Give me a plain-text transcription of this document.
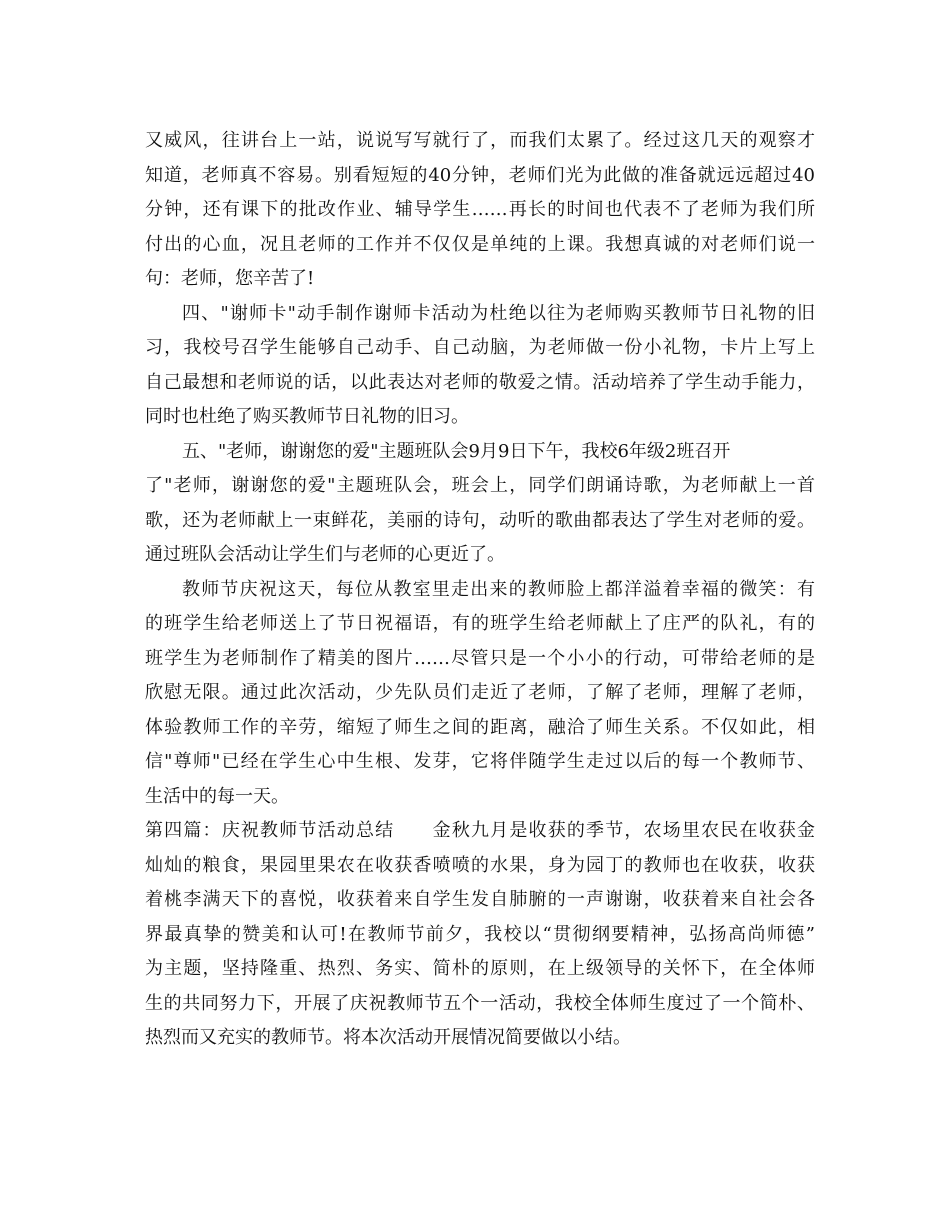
又威风，往讲台上一站，说说写写就行了，而我们太累了。经过这几天的观察才
知道，老师真不容易。别看短短的40分钟，老师们光为此做的准备就远远超过40
分钟，还有课下的批改作业、辅导学生……再长的时间也代表不了老师为我们所
付出的心血，况且老师的工作并不仅仅是单纯的上课。我想真诚的对老师们说一
句：老师，您辛苦了!
四、"谢师卡"动手制作谢师卡活动为杜绝以往为老师购买教师节日礼物的旧
习，我校号召学生能够自己动手、自己动脑，为老师做一份小礼物，卡片上写上
自己最想和老师说的话，以此表达对老师的敬爱之情。活动培养了学生动手能力，
同时也杜绝了购买教师节日礼物的旧习。
五、"老师，谢谢您的爱"主题班队会9月9日下午，我校6年级2班召开
了"老师，谢谢您的爱"主题班队会，班会上，同学们朗诵诗歌，为老师献上一首
歌，还为老师献上一束鲜花，美丽的诗句，动听的歌曲都表达了学生对老师的爱。
通过班队会活动让学生们与老师的心更近了。
教师节庆祝这天，每位从教室里走出来的教师脸上都洋溢着幸福的微笑：有
的班学生给老师送上了节日祝福语，有的班学生给老师献上了庄严的队礼，有的
班学生为老师制作了精美的图片……尽管只是一个小小的行动，可带给老师的是
欣慰无限。通过此次活动，少先队员们走近了老师，了解了老师，理解了老师，
体验教师工作的辛劳，缩短了师生之间的距离，融洽了师生关系。不仅如此，相
信"尊师"已经在学生心中生根、发芽，它将伴随学生走过以后的每一个教师节、
生活中的每一天。
第四篇：庆祝教师节活动总结　　金秋九月是收获的季节，农场里农民在收获金
灿灿的粮食，果园里果农在收获香喷喷的水果，身为园丁的教师也在收获，收获
着桃李满天下的喜悦，收获着来自学生发自肺腑的一声谢谢，收获着来自社会各
界最真挚的赞美和认可!在教师节前夕，我校以“贯彻纲要精神，弘扬高尚师德”
为主题，坚持隆重、热烈、务实、简朴的原则，在上级领导的关怀下，在全体师
生的共同努力下，开展了庆祝教师节五个一活动，我校全体师生度过了一个简朴、
热烈而又充实的教师节。将本次活动开展情况简要做以小结。
